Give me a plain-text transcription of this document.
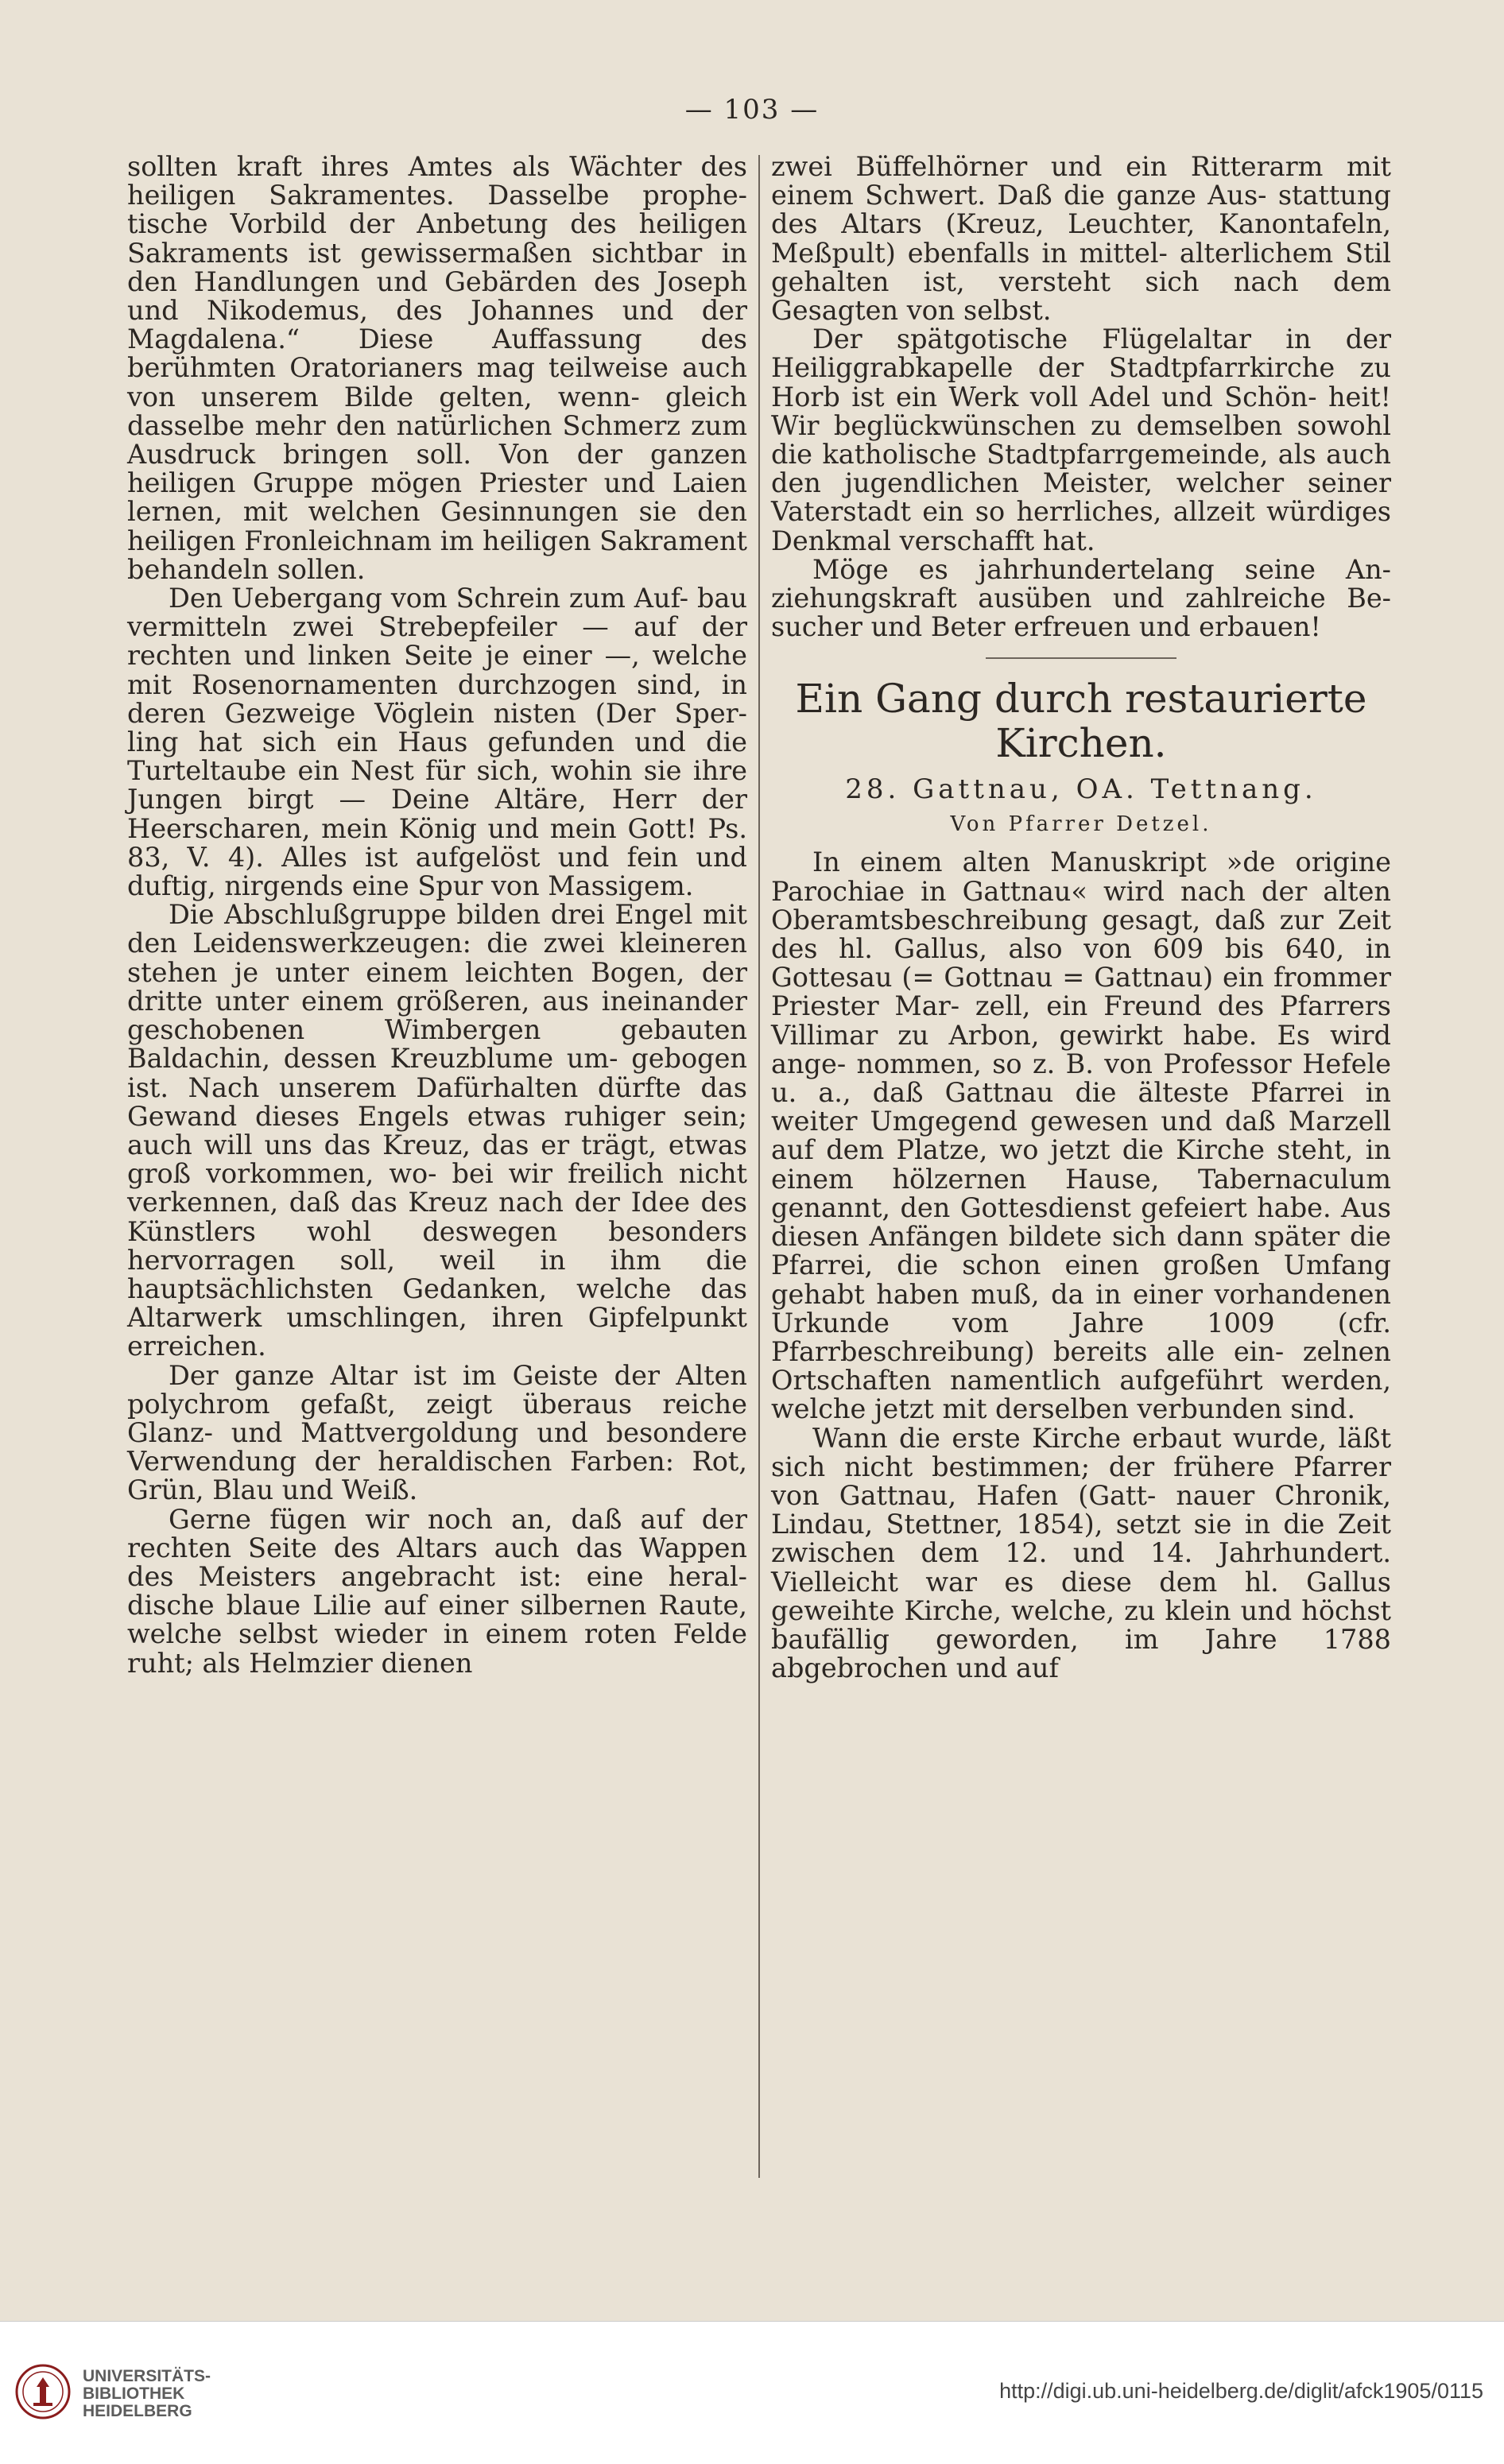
— 103 —

sollten kraft ihres Amtes als Wächter des heiligen Sakramentes. Dasselbe prophe- tische Vorbild der Anbetung des heiligen Sakraments ist gewissermaßen sichtbar in den Handlungen und Gebärden des Joseph und Nikodemus, des Johannes und der Magdalena.“ Diese Auffassung des berühmten Oratorianers mag teilweise auch von unserem Bilde gelten, wenn- gleich dasselbe mehr den natürlichen Schmerz zum Ausdruck bringen soll. Von der ganzen heiligen Gruppe mögen Priester und Laien lernen, mit welchen Gesinnungen sie den heiligen Fronleichnam im heiligen Sakrament behandeln sollen.

Den Uebergang vom Schrein zum Auf- bau vermitteln zwei Strebepfeiler — auf der rechten und linken Seite je einer —, welche mit Rosenornamenten durchzogen sind, in deren Gezweige Vöglein nisten (Der Sper- ling hat sich ein Haus gefunden und die Turteltaube ein Nest für sich, wohin sie ihre Jungen birgt — Deine Altäre, Herr der Heerscharen, mein König und mein Gott! Ps. 83, V. 4). Alles ist aufgelöst und fein und duftig, nirgends eine Spur von Massigem.

Die Abschlußgruppe bilden drei Engel mit den Leidenswerkzeugen: die zwei kleineren stehen je unter einem leichten Bogen, der dritte unter einem größeren, aus ineinander geschobenen Wimbergen gebauten Baldachin, dessen Kreuzblume um- gebogen ist. Nach unserem Dafürhalten dürfte das Gewand dieses Engels etwas ruhiger sein; auch will uns das Kreuz, das er trägt, etwas groß vorkommen, wo- bei wir freilich nicht verkennen, daß das Kreuz nach der Idee des Künstlers wohl deswegen besonders hervorragen soll, weil in ihm die hauptsächlichsten Gedanken, welche das Altarwerk umschlingen, ihren Gipfelpunkt erreichen.

Der ganze Altar ist im Geiste der Alten polychrom gefaßt, zeigt überaus reiche Glanz- und Mattvergoldung und besondere Verwendung der heraldischen Farben: Rot, Grün, Blau und Weiß.

Gerne fügen wir noch an, daß auf der rechten Seite des Altars auch das Wappen des Meisters angebracht ist: eine heral- dische blaue Lilie auf einer silbernen Raute, welche selbst wieder in einem roten Felde ruht; als Helmzier dienen

zwei Büffelhörner und ein Ritterarm mit einem Schwert. Daß die ganze Aus- stattung des Altars (Kreuz, Leuchter, Kanontafeln, Meßpult) ebenfalls in mittel- alterlichem Stil gehalten ist, versteht sich nach dem Gesagten von selbst.

Der spätgotische Flügelaltar in der Heiliggrabkapelle der Stadtpfarrkirche zu Horb ist ein Werk voll Adel und Schön- heit! Wir beglückwünschen zu demselben sowohl die katholische Stadtpfarrgemeinde, als auch den jugendlichen Meister, welcher seiner Vaterstadt ein so herrliches, allzeit würdiges Denkmal verschafft hat.

Möge es jahrhundertelang seine An- ziehungskraft ausüben und zahlreiche Be- sucher und Beter erfreuen und erbauen!

Ein Gang durch restaurierte Kirchen.
28. Gattnau, OA. Tettnang.
Von Pfarrer Detzel.

In einem alten Manuskript »de origine Parochiae in Gattnau« wird nach der alten Oberamtsbeschreibung gesagt, daß zur Zeit des hl. Gallus, also von 609 bis 640, in Gottesau (= Gottnau = Gattnau) ein frommer Priester Mar- zell, ein Freund des Pfarrers Villimar zu Arbon, gewirkt habe. Es wird ange- nommen, so z. B. von Professor Hefele u. a., daß Gattnau die älteste Pfarrei in weiter Umgegend gewesen und daß Marzell auf dem Platze, wo jetzt die Kirche steht, in einem hölzernen Hause, Tabernaculum genannt, den Gottesdienst gefeiert habe. Aus diesen Anfängen bildete sich dann später die Pfarrei, die schon einen großen Umfang gehabt haben muß, da in einer vorhandenen Urkunde vom Jahre 1009 (cfr. Pfarrbeschreibung) bereits alle ein- zelnen Ortschaften namentlich aufgeführt werden, welche jetzt mit derselben verbunden sind.

Wann die erste Kirche erbaut wurde, läßt sich nicht bestimmen; der frühere Pfarrer von Gattnau, Hafen (Gatt- nauer Chronik, Lindau, Stettner, 1854), setzt sie in die Zeit zwischen dem 12. und 14. Jahrhundert. Vielleicht war es diese dem hl. Gallus geweihte Kirche, welche, zu klein und höchst baufällig geworden, im Jahre 1788 abgebrochen und auf

UNIVERSITÄTS-
BIBLIOTHEK
HEIDELBERG
http://digi.ub.uni-heidelberg.de/diglit/afck1905/0115
